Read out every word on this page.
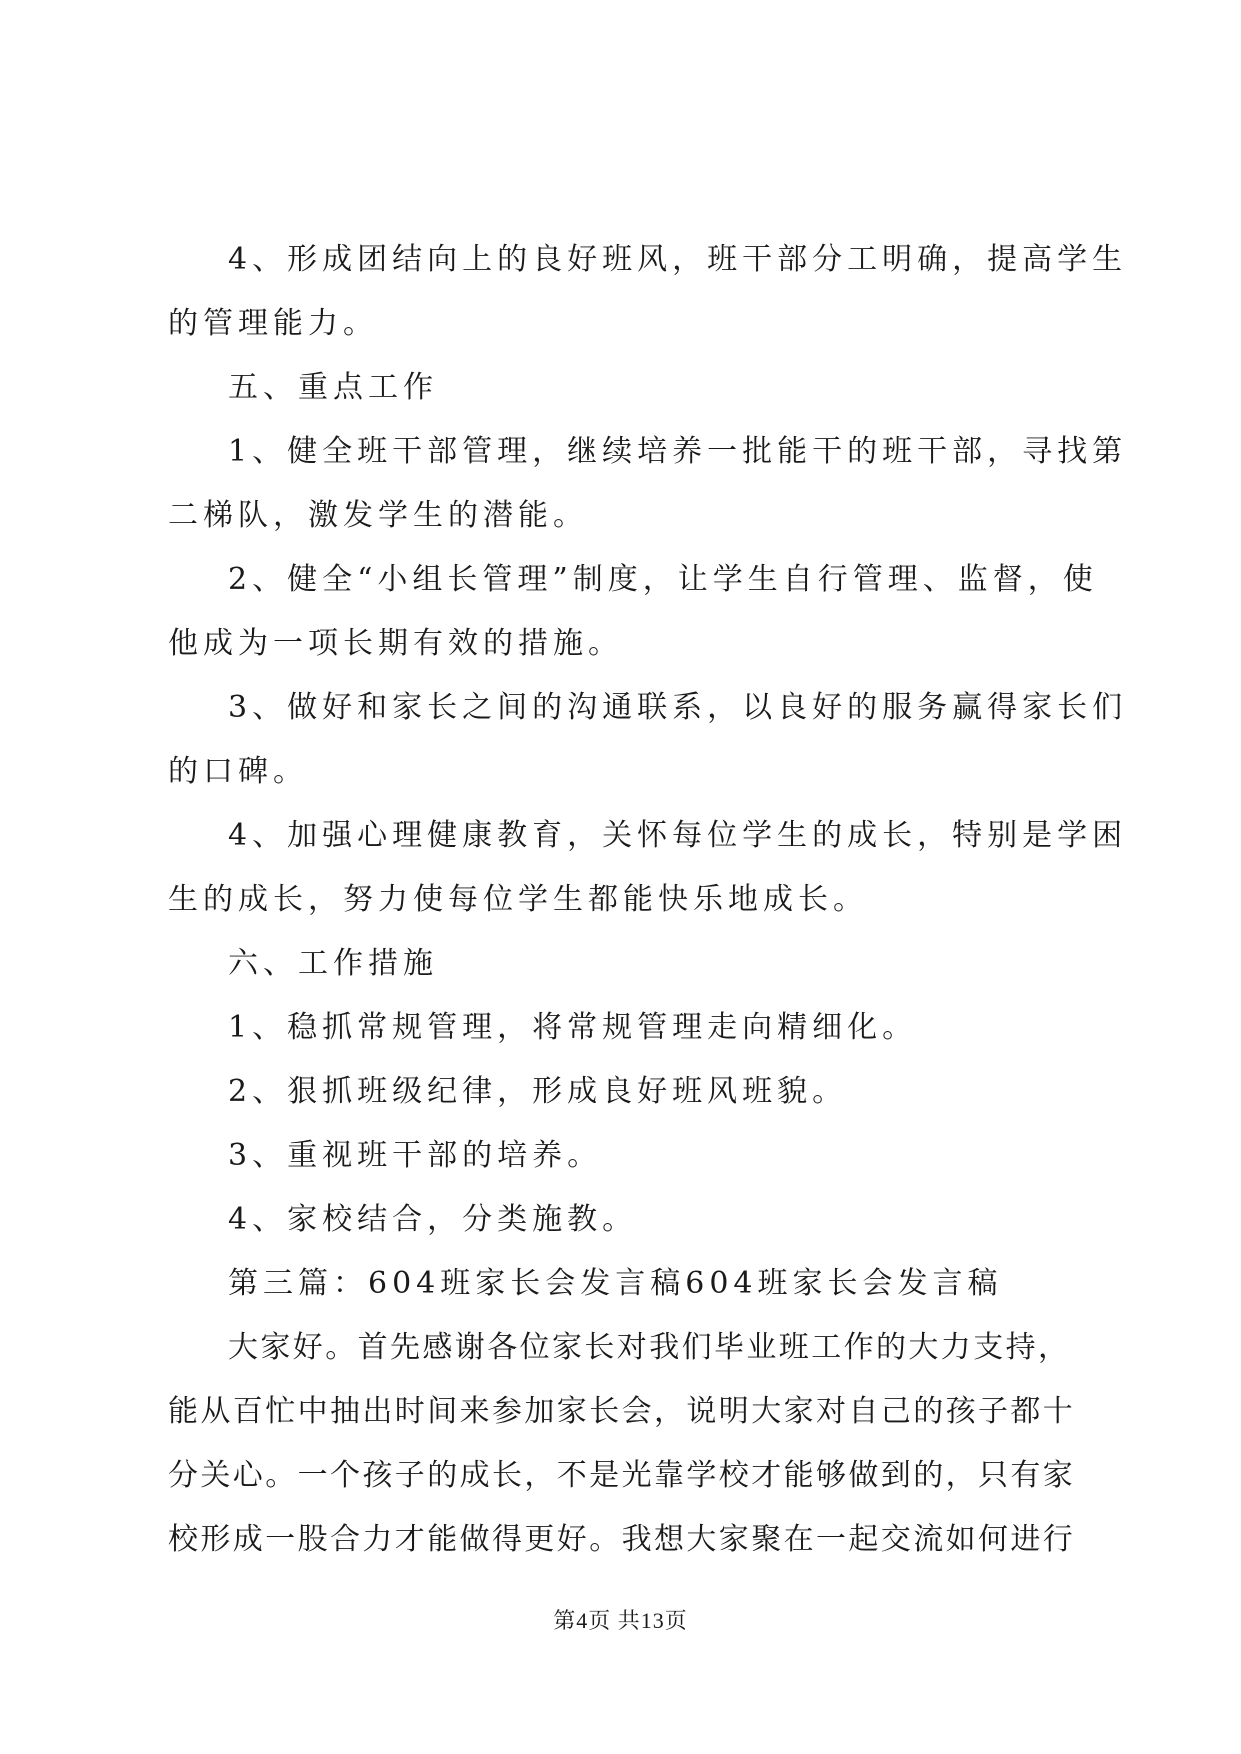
4、形成团结向上的良好班风，班干部分工明确，提高学生
的管理能力。
五、重点工作
1、健全班干部管理，继续培养一批能干的班干部，寻找第
二梯队，激发学生的潜能。
2、健全“小组长管理”制度，让学生自行管理、监督，使
他成为一项长期有效的措施。
3、做好和家长之间的沟通联系，以良好的服务赢得家长们
的口碑。
4、加强心理健康教育，关怀每位学生的成长，特别是学困
生的成长，努力使每位学生都能快乐地成长。
六、工作措施
1、稳抓常规管理，将常规管理走向精细化。
2、狠抓班级纪律，形成良好班风班貌。
3、重视班干部的培养。
4、家校结合，分类施教。
第三篇：604班家长会发言稿604班家长会发言稿
大家好。首先感谢各位家长对我们毕业班工作的大力支持，
能从百忙中抽出时间来参加家长会，说明大家对自己的孩子都十
分关心。一个孩子的成长，不是光靠学校才能够做到的，只有家
校形成一股合力才能做得更好。我想大家聚在一起交流如何进行
第4页 共13页
